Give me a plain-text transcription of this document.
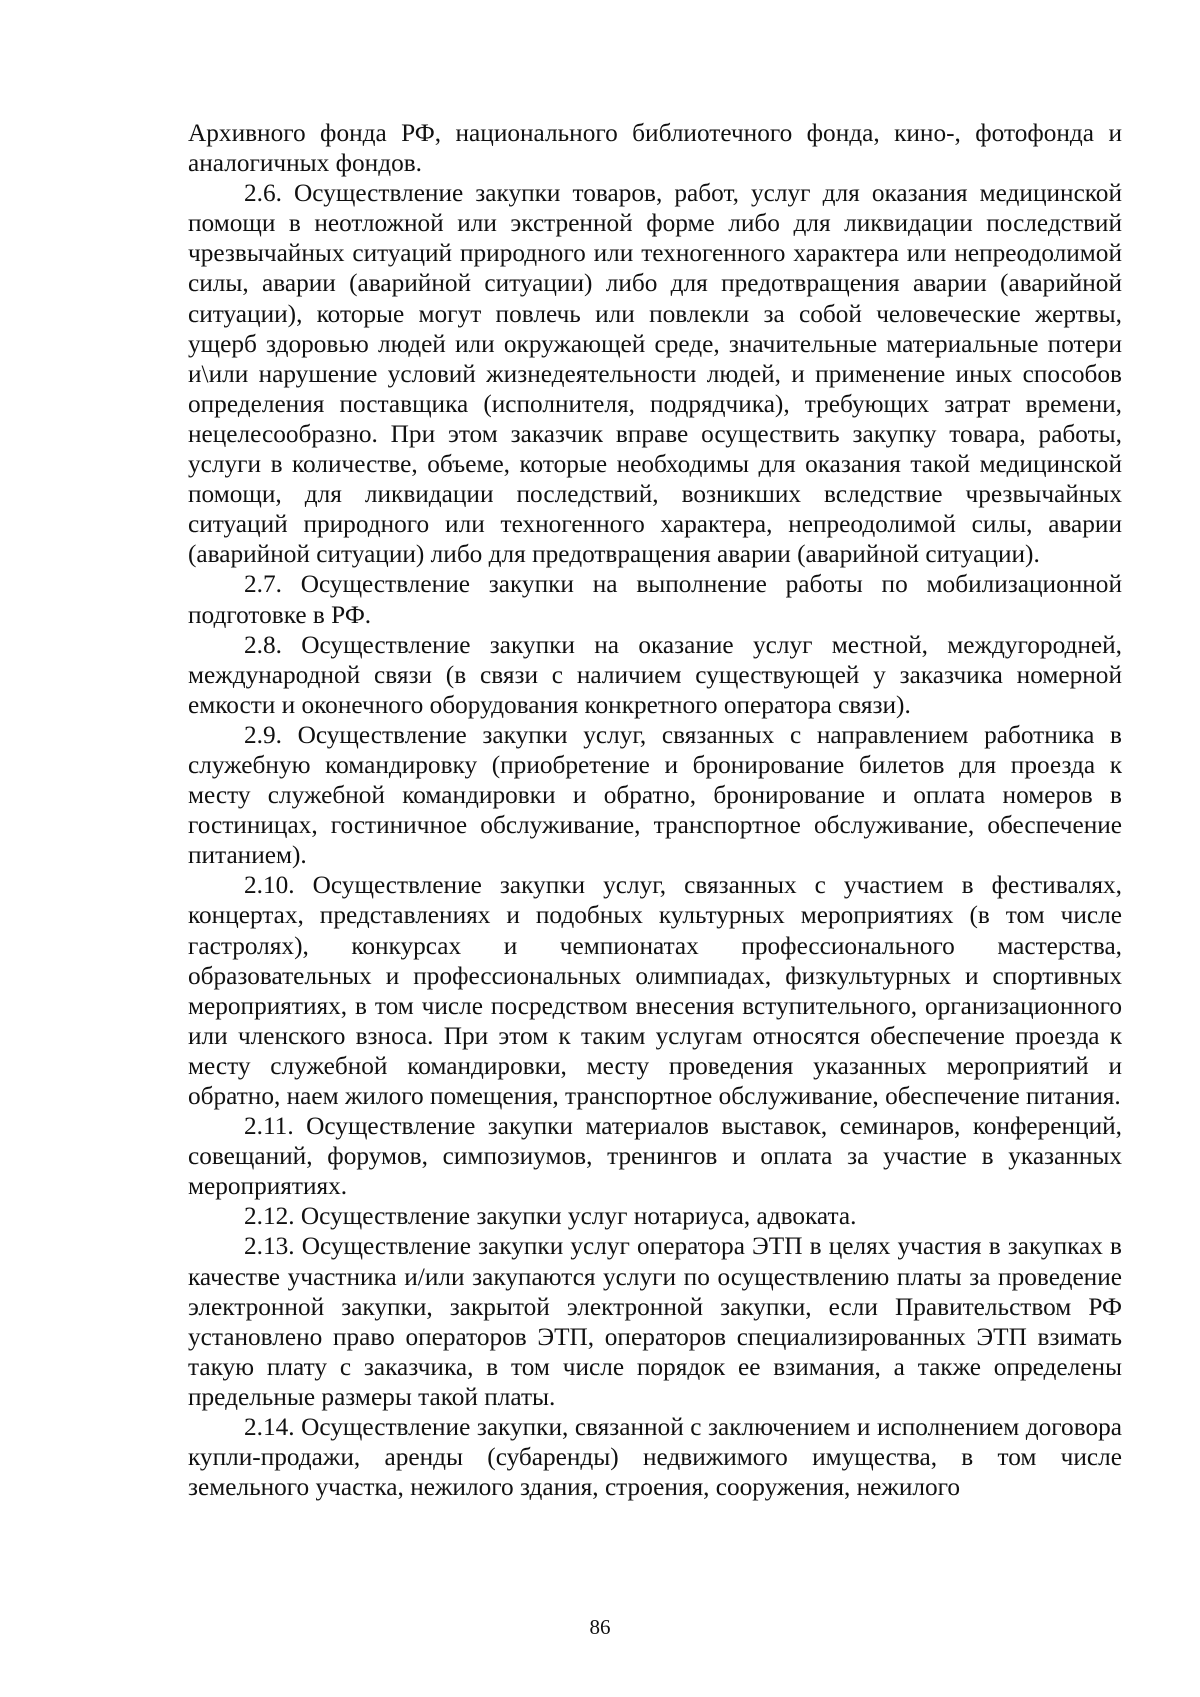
Архивного фонда РФ, национального библиотечного фонда, кино-, фотофонда и аналогичных фондов.

2.6. Осуществление закупки товаров, работ, услуг для оказания медицинской помощи в неотложной или экстренной форме либо для ликвидации последствий чрезвычайных ситуаций природного или техногенного характера или непреодолимой силы, аварии (аварийной ситуации) либо для предотвращения аварии (аварийной ситуации), которые могут повлечь или повлекли за собой человеческие жертвы, ущерб здоровью людей или окружающей среде, значительные материальные потери и\или нарушение условий жизнедеятельности людей, и применение иных способов определения поставщика (исполнителя, подрядчика), требующих затрат времени, нецелесообразно. При этом заказчик вправе осуществить закупку товара, работы, услуги в количестве, объеме, которые необходимы для оказания такой медицинской помощи, для ликвидации последствий, возникших вследствие чрезвычайных ситуаций природного или техногенного характера, непреодолимой силы, аварии (аварийной ситуации) либо для предотвращения аварии (аварийной ситуации).

2.7. Осуществление закупки на выполнение работы по мобилизационной подготовке в РФ.

2.8. Осуществление закупки на оказание услуг местной, междугородней, международной связи (в связи с наличием существующей у заказчика номерной емкости и оконечного оборудования конкретного оператора связи).

2.9. Осуществление закупки услуг, связанных с направлением работника в служебную командировку (приобретение и бронирование билетов для проезда к месту служебной командировки и обратно, бронирование и оплата номеров в гостиницах, гостиничное обслуживание, транспортное обслуживание, обеспечение питанием).

2.10. Осуществление закупки услуг, связанных с участием в фестивалях, концертах, представлениях и подобных культурных мероприятиях (в том числе гастролях), конкурсах и чемпионатах профессионального мастерства, образовательных и профессиональных олимпиадах, физкультурных и спортивных мероприятиях, в том числе посредством внесения вступительного, организационного или членского взноса. При этом к таким услугам относятся обеспечение проезда к месту служебной командировки, месту проведения указанных мероприятий и обратно, наем жилого помещения, транспортное обслуживание, обеспечение питания.

2.11. Осуществление закупки материалов выставок, семинаров, конференций, совещаний, форумов, симпозиумов, тренингов и оплата за участие в указанных мероприятиях.

2.12. Осуществление закупки услуг нотариуса, адвоката.

2.13. Осуществление закупки услуг оператора ЭТП в целях участия в закупках в качестве участника и/или закупаются услуги по осуществлению платы за проведение электронной закупки, закрытой электронной закупки, если Правительством РФ установлено право операторов ЭТП, операторов специализированных ЭТП взимать такую плату с заказчика, в том числе порядок ее взимания, а также определены предельные размеры такой платы.

2.14. Осуществление закупки, связанной с заключением и исполнением договора купли-продажи, аренды (субаренды) недвижимого имущества, в том числе земельного участка, нежилого здания, строения, сооружения, нежилого

86
